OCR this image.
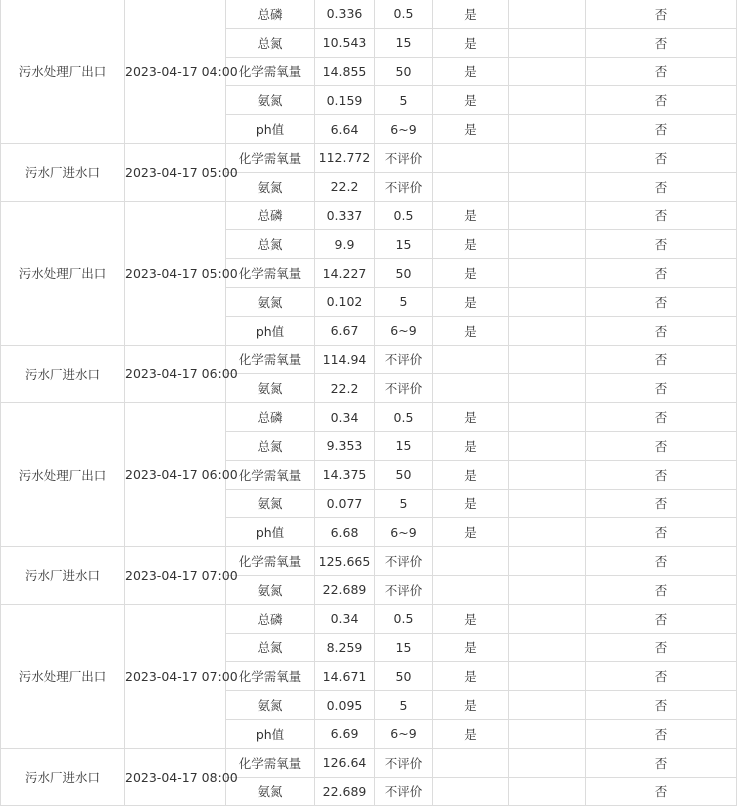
污水处理厂出口	2023-04-17 04:00	总磷	0.336	0.5	是		否	
		总氮	10.543	15	是		否	
		化学需氧量	14.855	50	是		否	
		氨氮	0.159	5	是		否	
		ph值	6.64	6~9	是		否	
污水厂进水口	2023-04-17 05:00	化学需氧量	112.772	不评价			否	
		氨氮	22.2	不评价			否	
污水处理厂出口	2023-04-17 05:00	总磷	0.337	0.5	是		否	
		总氮	9.9	15	是		否	
		化学需氧量	14.227	50	是		否	
		氨氮	0.102	5	是		否	
		ph值	6.67	6~9	是		否	
污水厂进水口	2023-04-17 06:00	化学需氧量	114.94	不评价			否	
		氨氮	22.2	不评价			否	
污水处理厂出口	2023-04-17 06:00	总磷	0.34	0.5	是		否	
		总氮	9.353	15	是		否	
		化学需氧量	14.375	50	是		否	
		氨氮	0.077	5	是		否	
		ph值	6.68	6~9	是		否	
污水厂进水口	2023-04-17 07:00	化学需氧量	125.665	不评价			否	
		氨氮	22.689	不评价			否	
污水处理厂出口	2023-04-17 07:00	总磷	0.34	0.5	是		否	
		总氮	8.259	15	是		否	
		化学需氧量	14.671	50	是		否	
		氨氮	0.095	5	是		否	
		ph值	6.69	6~9	是		否	
污水厂进水口	2023-04-17 08:00	化学需氧量	126.64	不评价			否	
		氨氮	22.689	不评价			否	
